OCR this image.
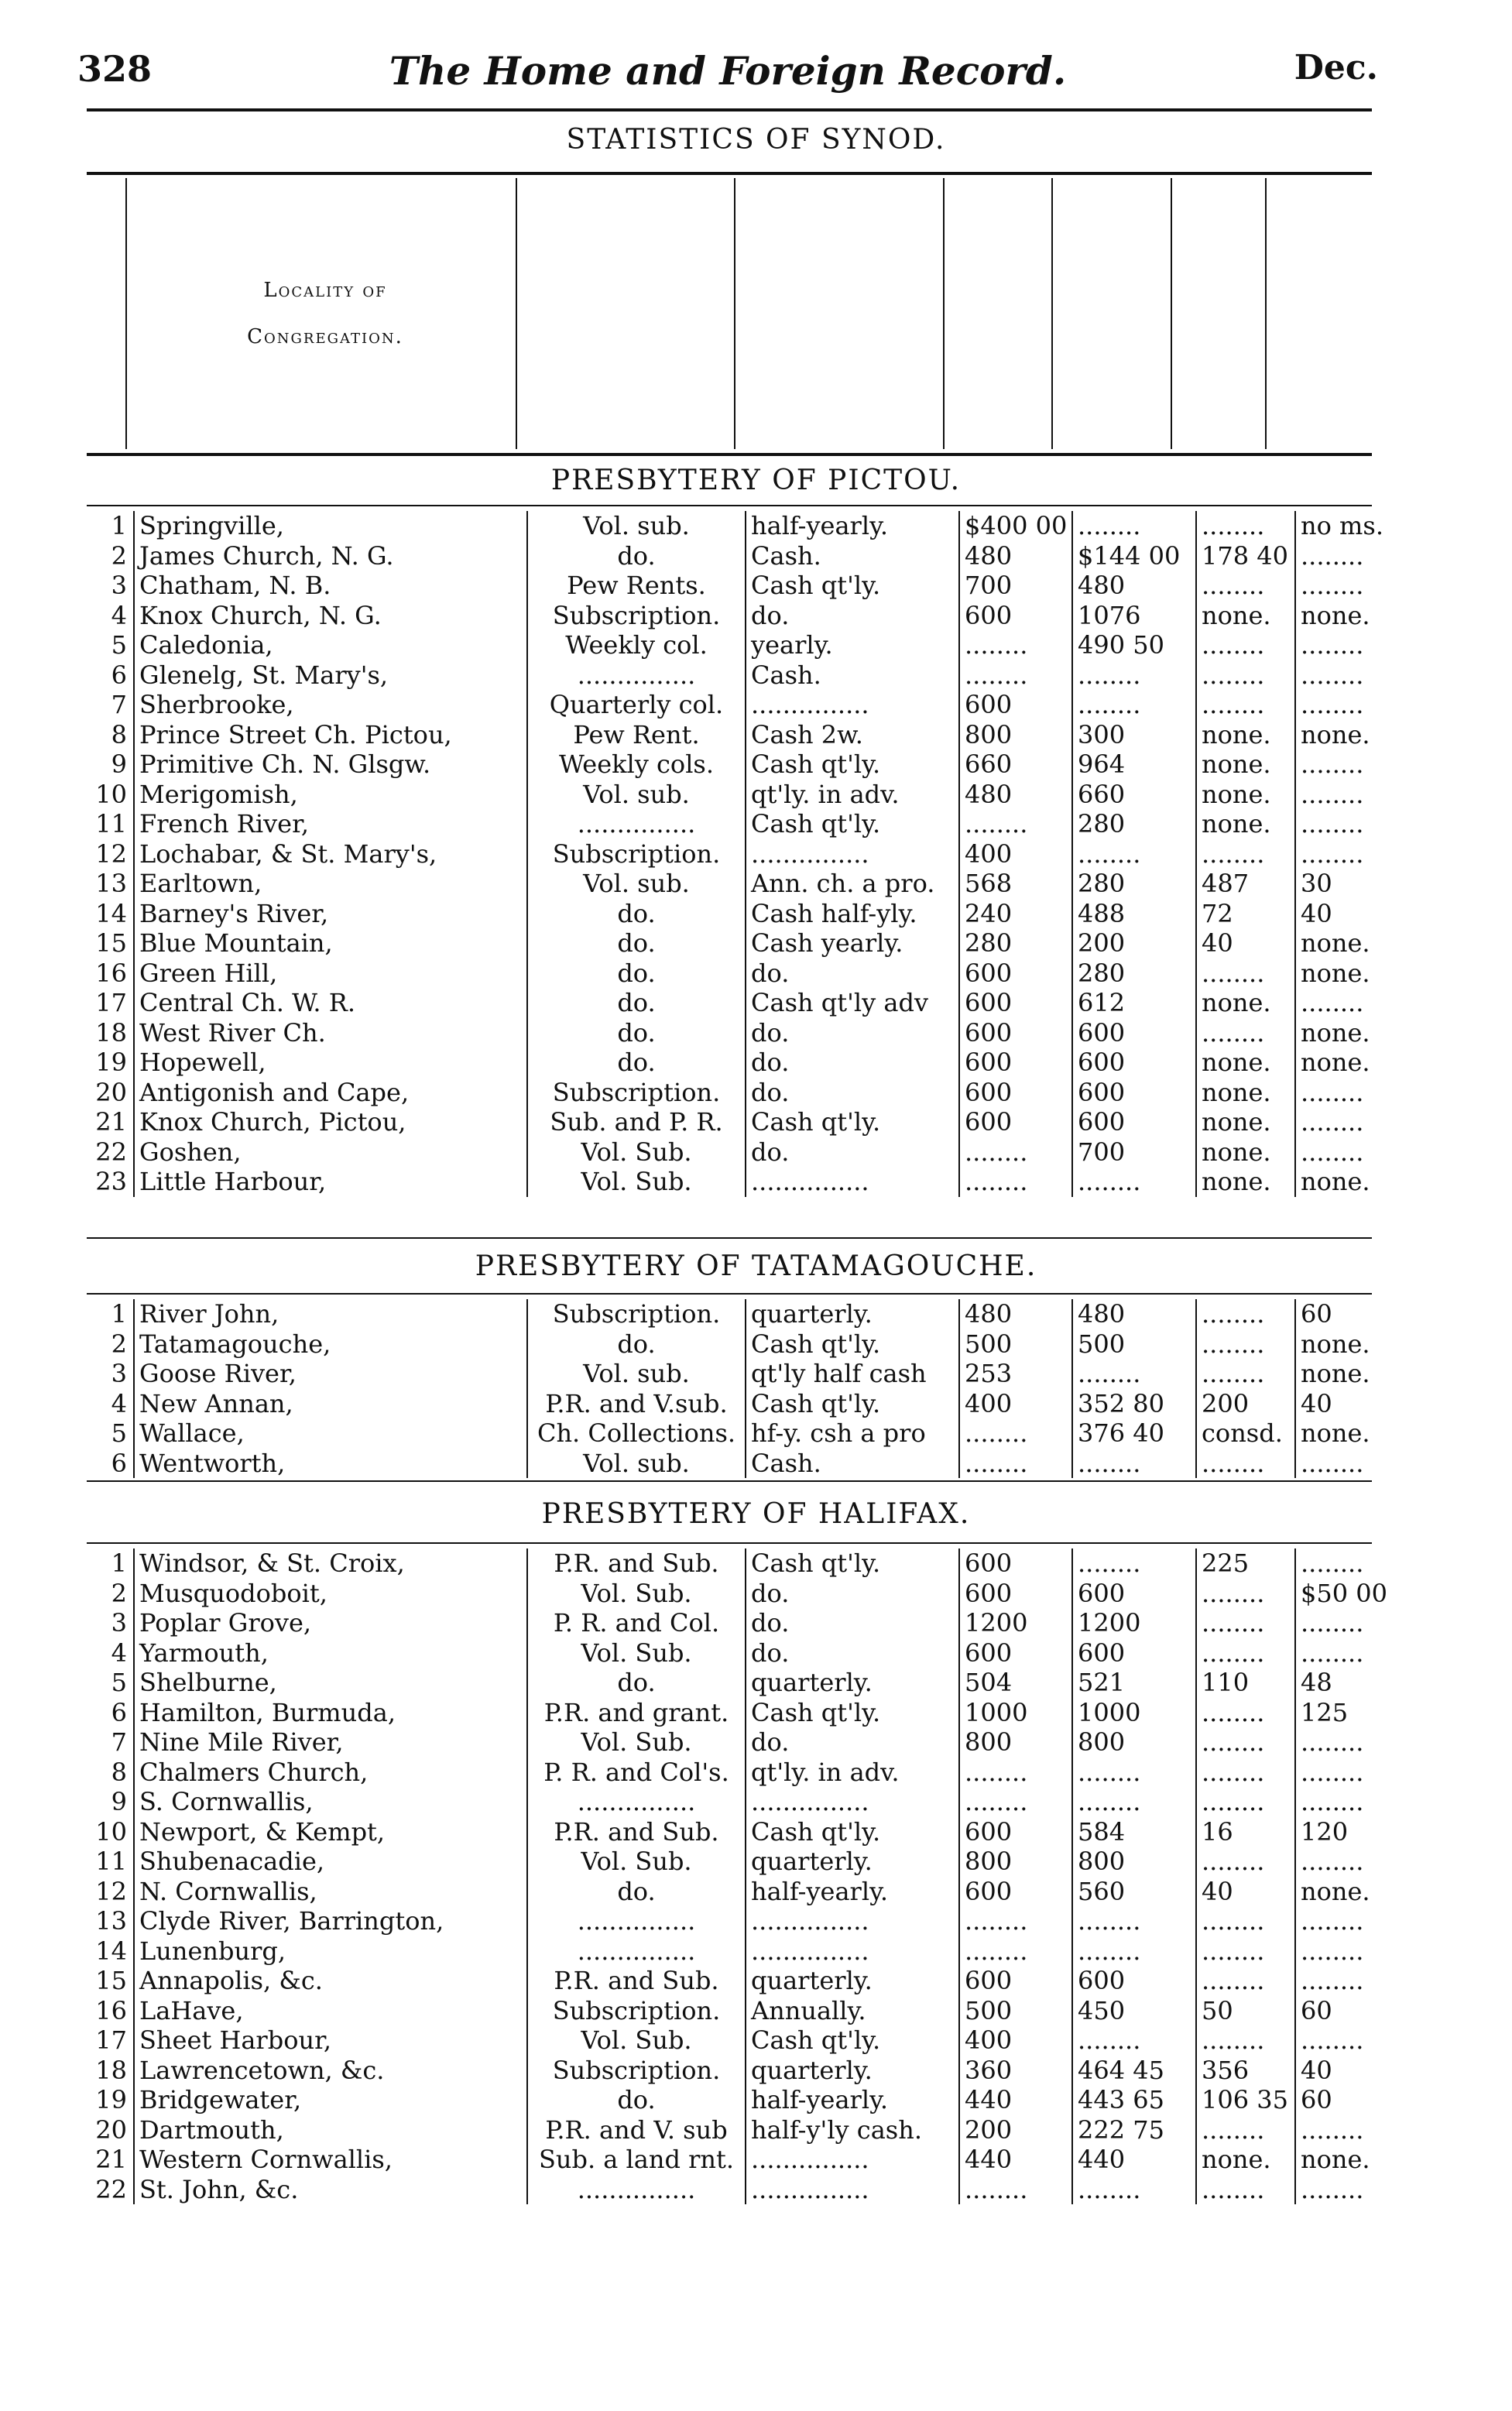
328	The Home and Foreign Record.	Dec.
STATISTICS OF SYNOD.
Locality of Congregation.
PRESBYTERY OF PICTOU.
1	Springville,	Vol. sub.	half-yearly.	$400 00	........	........	no ms.
2	James Church, N. G.	do.	Cash.	480	$144 00	178 40	........
3	Chatham, N. B.	Pew Rents.	Cash qt'ly.	700	480	........	........
4	Knox Church, N. G.	Subscription.	do.	600	1076	none.	none.
5	Caledonia,	Weekly col.	yearly.	........	490 50	........	........
6	Glenelg, St. Mary's,	...............	Cash.	........	........	........	........
7	Sherbrooke,	Quarterly col.	...............	600	........	........	........
8	Prince Street Ch. Pictou,	Pew Rent.	Cash 2w.	800	300	none.	none.
9	Primitive Ch. N. Glsgw.	Weekly cols.	Cash qt'ly.	660	964	none.	........
10	Merigomish,	Vol. sub.	qt'ly. in adv.	480	660	none.	........
11	French River,	...............	Cash qt'ly.	........	280	none.	........
12	Lochabar, & St. Mary's,	Subscription.	...............	400	........	........	........
13	Earltown,	Vol. sub.	Ann. ch. a pro.	568	280	487	30
14	Barney's River,	do.	Cash half-yly.	240	488	72	40
15	Blue Mountain,	do.	Cash yearly.	280	200	40	none.
16	Green Hill,	do.	do.	600	280	........	none.
17	Central Ch. W. R.	do.	Cash qt'ly adv	600	612	none.	........
18	West River Ch.	do.	do.	600	600	........	none.
19	Hopewell,	do.	do.	600	600	none.	none.
20	Antigonish and Cape,	Subscription.	do.	600	600	none.	........
21	Knox Church, Pictou,	Sub. and P. R.	Cash qt'ly.	600	600	none.	........
22	Goshen,	Vol. Sub.	do.	........	700	none.	........
23	Little Harbour,	Vol. Sub.	...............	........	........	none.	none.
PRESBYTERY OF TATAMAGOUCHE.
1	River John,	Subscription.	quarterly.	480	480	........	60
2	Tatamagouche,	do.	Cash qt'ly.	500	500	........	none.
3	Goose River,	Vol. sub.	qt'ly half cash	253	........	........	none.
4	New Annan,	P.R. and V.sub.	Cash qt'ly.	400	352 80	200	40
5	Wallace,	Ch. Collections.	hf-y. csh a pro	........	376 40	consd.	none.
6	Wentworth,	Vol. sub.	Cash.	........	........	........	........
PRESBYTERY OF HALIFAX.
1	Windsor, & St. Croix,	P.R. and Sub.	Cash qt'ly.	600	........	225	........
2	Musquodoboit,	Vol. Sub.	do.	600	600	........	$50 00
3	Poplar Grove,	P. R. and Col.	do.	1200	1200	........	........
4	Yarmouth,	Vol. Sub.	do.	600	600	........	........
5	Shelburne,	do.	quarterly.	504	521	110	48
6	Hamilton, Burmuda,	P.R. and grant.	Cash qt'ly.	1000	1000	........	125
7	Nine Mile River,	Vol. Sub.	do.	800	800	........	........
8	Chalmers Church,	P. R. and Col's.	qt'ly. in adv.	........	........	........	........
9	S. Cornwallis,	...............	...............	........	........	........	........
10	Newport, & Kempt,	P.R. and Sub.	Cash qt'ly.	600	584	16	120
11	Shubenacadie,	Vol. Sub.	quarterly.	800	800	........	........
12	N. Cornwallis,	do.	half-yearly.	600	560	40	none.
13	Clyde River, Barrington,	...............	...............	........	........	........	........
14	Lunenburg,	...............	...............	........	........	........	........
15	Annapolis, &c.	P.R. and Sub.	quarterly.	600	600	........	........
16	LaHave,	Subscription.	Annually.	500	450	50	60
17	Sheet Harbour,	Vol. Sub.	Cash qt'ly.	400	........	........	........
18	Lawrencetown, &c.	Subscription.	quarterly.	360	464 45	356	40
19	Bridgewater,	do.	half-yearly.	440	443 65	106 35	60
20	Dartmouth,	P.R. and V. sub	half-y'ly cash.	200	222 75	........	........
21	Western Cornwallis,	Sub. a land rnt.	...............	440	440	none.	none.
22	St. John, &c.	...............	...............	........	........	........	........
